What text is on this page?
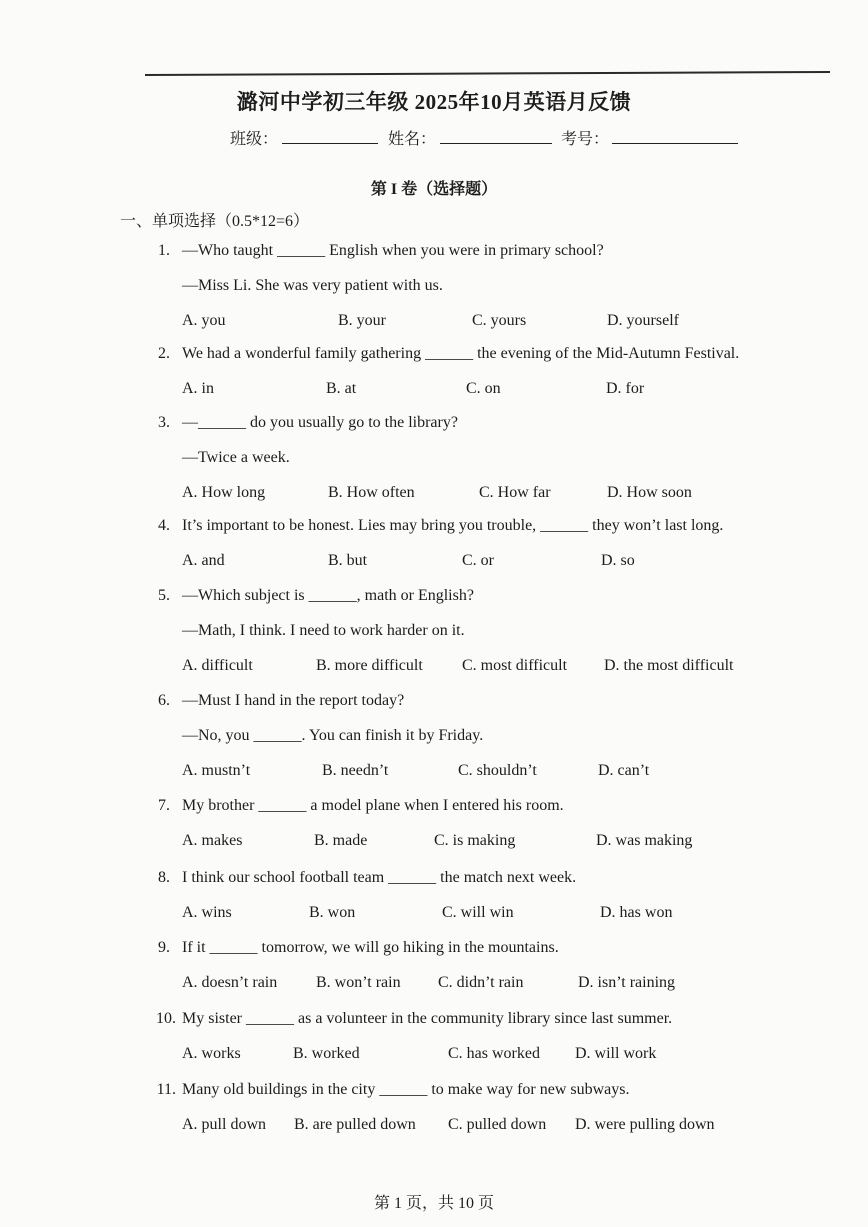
潞河中学初三年级 2025年10月英语月反馈
班级：	姓名：	考号：
第 I 卷（选择题）
一、单项选择（0.5*12=6）
1. —Who taught ______ English when you were in primary school?
—Miss Li. She was very patient with us.
A. you	B. your	C. yours	D. yourself
2. We had a wonderful family gathering ______ the evening of the Mid-Autumn Festival.
A. in	B. at	C. on	D. for
3. —______ do you usually go to the library?
—Twice a week.
A. How long	B. How often	C. How far	D. How soon
4. It’s important to be honest. Lies may bring you trouble, ______ they won’t last long.
A. and	B. but	C. or	D. so
5. —Which subject is ______, math or English?
—Math, I think. I need to work harder on it.
A. difficult	B. more difficult C. most difficult D. the most difficult
6. —Must I hand in the report today?
—No, you ______. You can finish it by Friday.
A. mustn’t	B. needn’t	C. shouldn’t	D. can’t
7. My brother ______ a model plane when I entered his room.
A. makes	B. made	C. is making	D. was making
8. I think our school football team ______ the match next week.
A. wins	B. won	C. will win	D. has won
9. If it ______ tomorrow, we will go hiking in the mountains.
A. doesn’t rain B. won’t rain C. didn’t rain	D. isn’t raining
10. My sister ______ as a volunteer in the community library since last summer.
A. works	B. worked	C. has worked D. will work
11. Many old buildings in the city ______ to make way for new subways.
A. pull down B. are pulled down C. pulled down D. were pulling down
第 1 页，共 10 页
